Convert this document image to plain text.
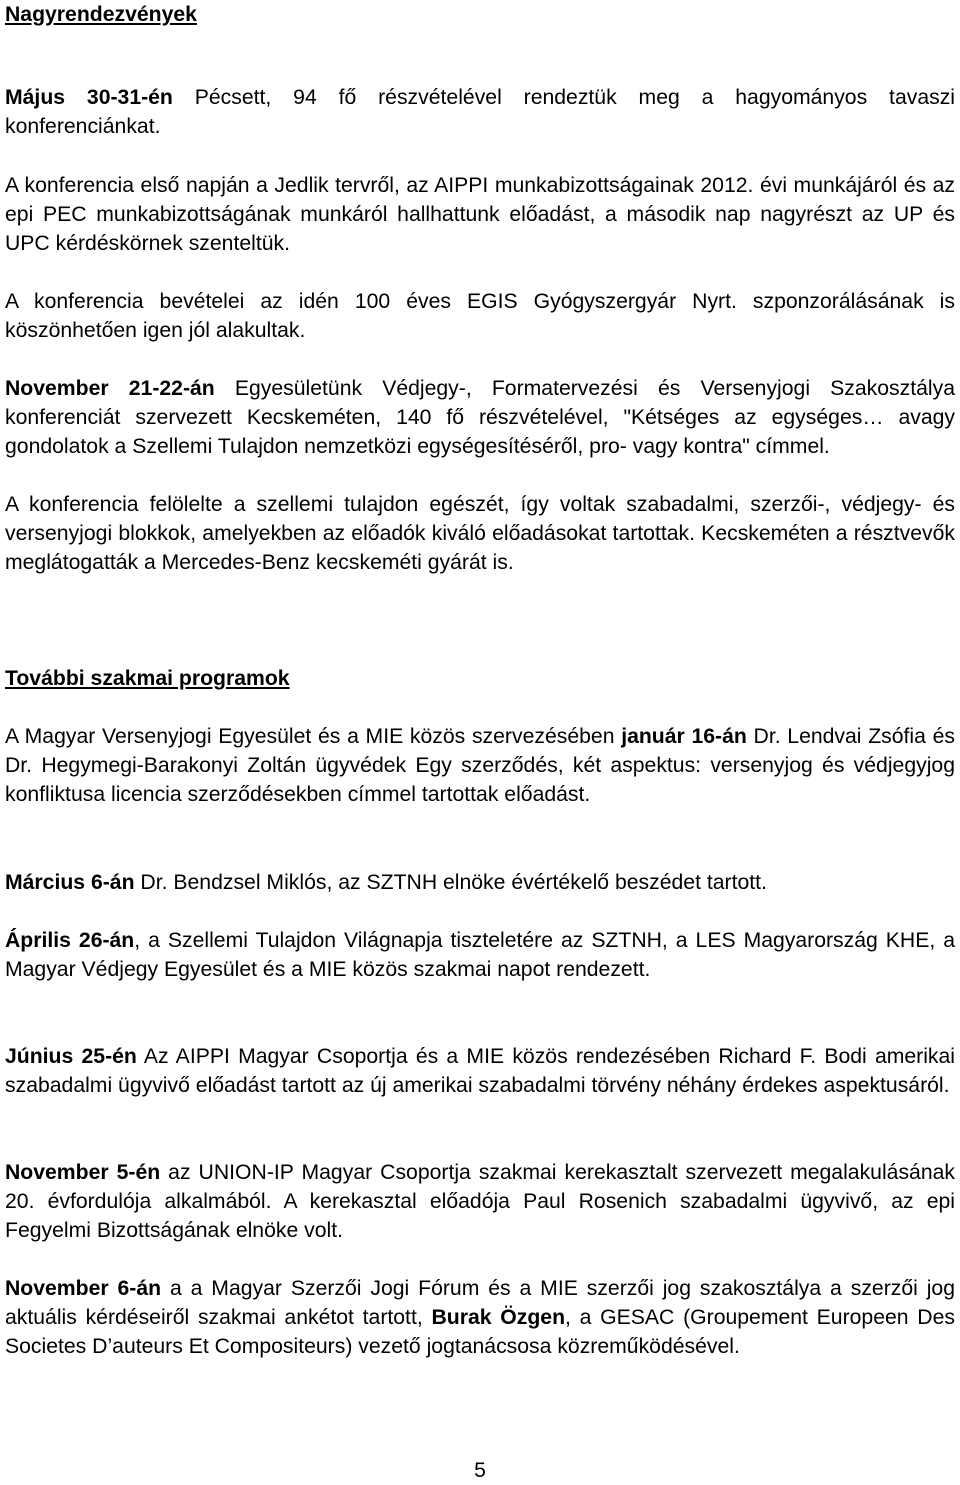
Nagyrendezvények

Május 30-31-én Pécsett, 94 fő részvételével rendeztük meg a hagyományos tavaszi konferenciánkat.

A konferencia első napján a Jedlik tervről, az AIPPI munkabizottságainak 2012. évi munkájáról és az epi PEC munkabizottságának munkáról hallhattunk előadást, a második nap nagyrészt az UP és UPC kérdéskörnek szenteltük.

A konferencia bevételei az idén 100 éves EGIS Gyógyszergyár Nyrt. szponzorálásának is köszönhetően igen jól alakultak.

November 21-22-án Egyesületünk Védjegy-, Formatervezési és Versenyjogi Szakosztálya konferenciát szervezett Kecskeméten, 140 fő részvételével, "Kétséges az egységes… avagy gondolatok a Szellemi Tulajdon nemzetközi egységesítéséről, pro- vagy kontra" címmel.

A konferencia felölelte a szellemi tulajdon egészét, így voltak szabadalmi, szerzői-, védjegy- és versenyjogi blokkok, amelyekben az előadók kiváló előadásokat tartottak. Kecskeméten a résztvevők meglátogatták a Mercedes-Benz kecskeméti gyárát is.

További szakmai programok

A Magyar Versenyjogi Egyesület és a MIE közös szervezésében január 16-án Dr. Lendvai Zsófia és Dr. Hegymegi-Barakonyi Zoltán ügyvédek Egy szerződés, két aspektus: versenyjog és védjegyjog konfliktusa licencia szerződésekben címmel tartottak előadást.

Március 6-án Dr. Bendzsel Miklós, az SZTNH elnöke évértékelő beszédet tartott.

Április 26-án, a Szellemi Tulajdon Világnapja tiszteletére az SZTNH, a LES Magyarország KHE, a Magyar Védjegy Egyesület és a MIE közös szakmai napot rendezett.

Június 25-én Az AIPPI Magyar Csoportja és a MIE közös rendezésében Richard F. Bodi amerikai szabadalmi ügyvivő előadást tartott az új amerikai szabadalmi törvény néhány érdekes aspektusáról.

November 5-én az UNION-IP Magyar Csoportja szakmai kerekasztalt szervezett megalakulásának 20. évfordulója alkalmából. A kerekasztal előadója Paul Rosenich szabadalmi ügyvivő, az epi Fegyelmi Bizottságának elnöke volt.

November 6-án a a Magyar Szerzői Jogi Fórum és a MIE szerzői jog szakosztálya a szerzői jog aktuális kérdéseiről szakmai ankétot tartott, Burak Özgen, a GESAC (Groupement Europeen Des Societes D’auteurs Et Compositeurs) vezető jogtanácsosa közreműködésével.

5
